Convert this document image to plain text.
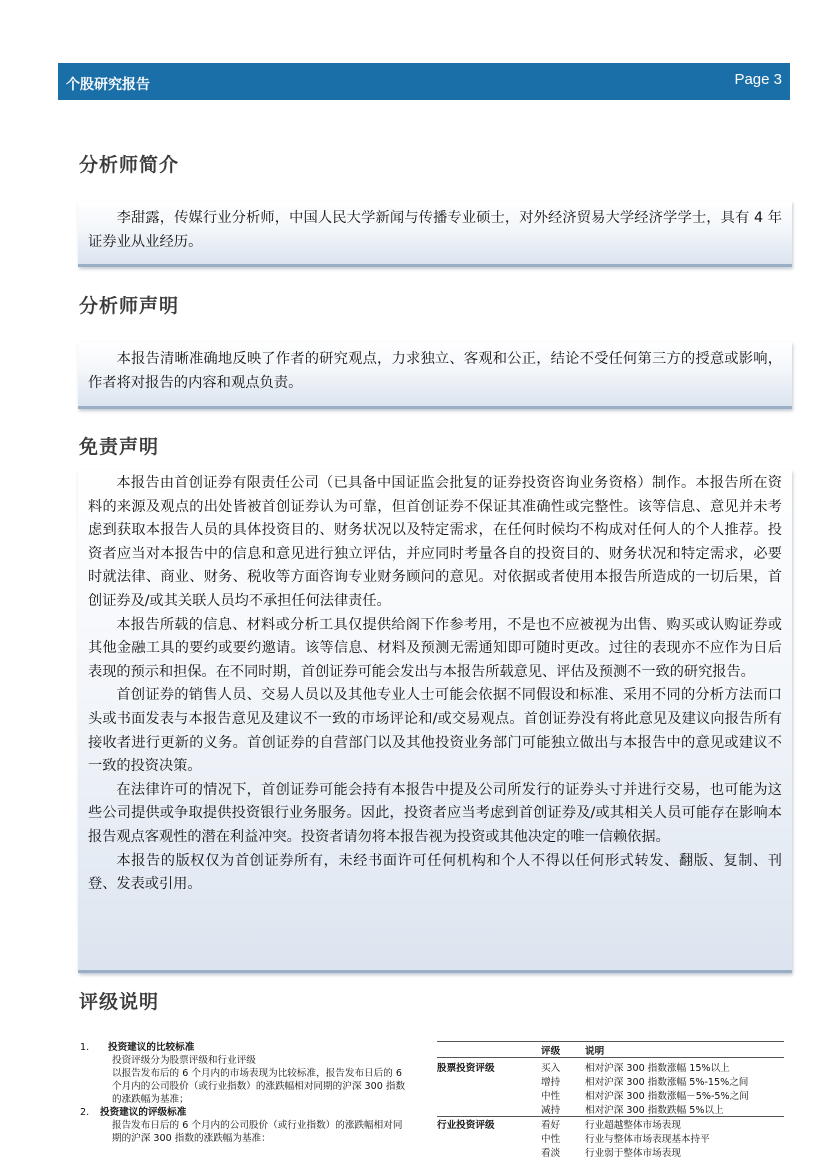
个股研究报告	Page 3
分析师简介

李甜露，传媒行业分析师，中国人民大学新闻与传播专业硕士，对外经济贸易大学经济学学士，具有 4 年证券业从业经历。

分析师声明

本报告清晰准确地反映了作者的研究观点，力求独立、客观和公正，结论不受任何第三方的授意或影响，作者将对报告的内容和观点负责。

免责声明

本报告由首创证券有限责任公司（已具备中国证监会批复的证券投资咨询业务资格）制作。本报告所在资料的来源及观点的出处皆被首创证券认为可靠，但首创证券不保证其准确性或完整性。该等信息、意见并未考虑到获取本报告人员的具体投资目的、财务状况以及特定需求，在任何时候均不构成对任何人的个人推荐。投资者应当对本报告中的信息和意见进行独立评估，并应同时考量各自的投资目的、财务状况和特定需求，必要时就法律、商业、财务、税收等方面咨询专业财务顾问的意见。对依据或者使用本报告所造成的一切后果，首创证券及/或其关联人员均不承担任何法律责任。

本报告所载的信息、材料或分析工具仅提供给阁下作参考用，不是也不应被视为出售、购买或认购证券或其他金融工具的要约或要约邀请。该等信息、材料及预测无需通知即可随时更改。过往的表现亦不应作为日后表现的预示和担保。在不同时期，首创证券可能会发出与本报告所载意见、评估及预测不一致的研究报告。

首创证券的销售人员、交易人员以及其他专业人士可能会依据不同假设和标准、采用不同的分析方法而口头或书面发表与本报告意见及建议不一致的市场评论和/或交易观点。首创证券没有将此意见及建议向报告所有接收者进行更新的义务。首创证券的自营部门以及其他投资业务部门可能独立做出与本报告中的意见或建议不一致的投资决策。

在法律许可的情况下，首创证券可能会持有本报告中提及公司所发行的证券头寸并进行交易，也可能为这些公司提供或争取提供投资银行业务服务。因此，投资者应当考虑到首创证券及/或其相关人员可能存在影响本报告观点客观性的潜在利益冲突。投资者请勿将本报告视为投资或其他决定的唯一信赖依据。

本报告的版权仅为首创证券所有，未经书面许可任何机构和个人不得以任何形式转发、翻版、复制、刊登、发表或引用。

评级说明
1.	投资建议的比较标准
投资评级分为股票评级和行业评级
以报告发布后的 6 个月内的市场表现为比较标准，报告发布日后的 6 个月内的公司股价（或行业指数）的涨跌幅相对同期的沪深 300 指数的涨跌幅为基准；
2.	投资建议的评级标准
报告发布日后的 6 个月内的公司股价（或行业指数）的涨跌幅相对同期的沪深 300 指数的涨跌幅为基准：
	评级	说明
股票投资评级	买入	相对沪深 300 指数涨幅 15%以上
	增持	相对沪深 300 指数涨幅 5%-15%之间
	中性	相对沪深 300 指数涨幅－5%-5%之间
	减持	相对沪深 300 指数跌幅 5%以上
行业投资评级	看好	行业超越整体市场表现
	中性	行业与整体市场表现基本持平
	看淡	行业弱于整体市场表现
